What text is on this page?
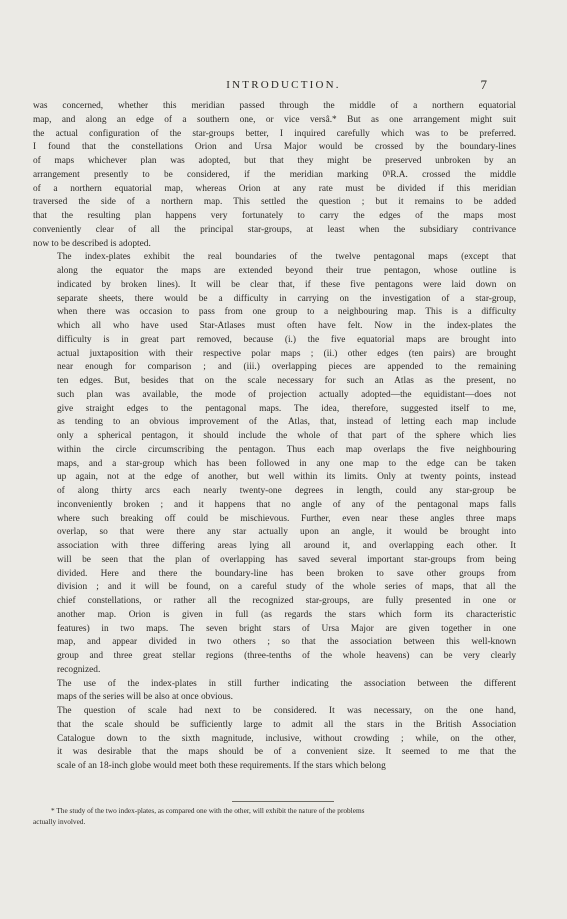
INTRODUCTION.	7

was concerned, whether this meridian passed through the middle of a northern equatorial
map, and along an edge of a southern one, or vice versâ.* But as one arrangement might suit
the actual configuration of the star-groups better, I inquired carefully which was to be preferred.
I found that the constellations Orion and Ursa Major would be crossed by the boundary-lines
of maps whichever plan was adopted, but that they might be preserved unbroken by an
arrangement presently to be considered, if the meridian marking 0ʰR.A. crossed the middle
of a northern equatorial map, whereas Orion at any rate must be divided if this meridian
traversed the side of a northern map. This settled the question ; but it remains to be added
that the resulting plan happens very fortunately to carry the edges of the maps most
conveniently clear of all the principal star-groups, at least when the subsidiary contrivance
now to be described is adopted.

The index-plates exhibit the real boundaries of the twelve pentagonal maps (except that
along the equator the maps are extended beyond their true pentagon, whose outline is
indicated by broken lines). It will be clear that, if these five pentagons were laid down on
separate sheets, there would be a difficulty in carrying on the investigation of a star-group,
when there was occasion to pass from one group to a neighbouring map. This is a difficulty
which all who have used Star-Atlases must often have felt. Now in the index-plates the
difficulty is in great part removed, because (i.) the five equatorial maps are brought into
actual juxtaposition with their respective polar maps ; (ii.) other edges (ten pairs) are brought
near enough for comparison ; and (iii.) overlapping pieces are appended to the remaining
ten edges. But, besides that on the scale necessary for such an Atlas as the present, no
such plan was available, the mode of projection actually adopted—the equidistant—does not
give straight edges to the pentagonal maps. The idea, therefore, suggested itself to me,
as tending to an obvious improvement of the Atlas, that, instead of letting each map include
only a spherical pentagon, it should include the whole of that part of the sphere which lies
within the circle circumscribing the pentagon. Thus each map overlaps the five neighbouring
maps, and a star-group which has been followed in any one map to the edge can be taken
up again, not at the edge of another, but well within its limits. Only at twenty points, instead
of along thirty arcs each nearly twenty-one degrees in length, could any star-group be
inconveniently broken ; and it happens that no angle of any of the pentagonal maps falls
where such breaking off could be mischievous. Further, even near these angles three maps
overlap, so that were there any star actually upon an angle, it would be brought into
association with three differing areas lying all around it, and overlapping each other. It
will be seen that the plan of overlapping has saved several important star-groups from being
divided. Here and there the boundary-line has been broken to save other groups from
division ; and it will be found, on a careful study of the whole series of maps, that all the
chief constellations, or rather all the recognized star-groups, are fully presented in one or
another map. Orion is given in full (as regards the stars which form its characteristic
features) in two maps. The seven bright stars of Ursa Major are given together in one
map, and appear divided in two others ; so that the association between this well-known
group and three great stellar regions (three-tenths of the whole heavens) can be very clearly
recognized.

The use of the index-plates in still further indicating the association between the different
maps of the series will be also at once obvious.

The question of scale had next to be considered. It was necessary, on the one hand,
that the scale should be sufficiently large to admit all the stars in the British Association
Catalogue down to the sixth magnitude, inclusive, without crowding ; while, on the other,
it was desirable that the maps should be of a convenient size. It seemed to me that the
scale of an 18-inch globe would meet both these requirements. If the stars which belong

* The study of the two index-plates, as compared one with the other, will exhibit the nature of the problems
actually involved.
